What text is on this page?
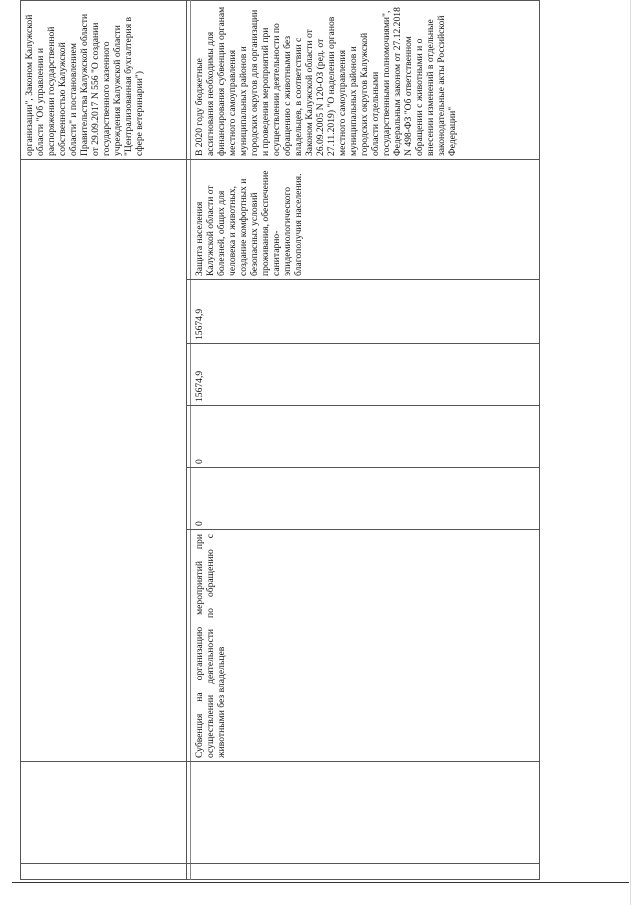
организации", Законом Калужской области "Об управлении и распоряжении государственной собственностью Калужской области" и постановлением Правительства Калужской области от 29.09.2017 N 556 "О создании государственного казенного учреждения Калужской области "Централизованная бухгалтерия в сфере ветеринарии")
Субвенция на организацию мероприятий при осуществлении деятельности по обращению с животными без владельцев
0
0
15674,9
15674,9
Защита населения Калужской области от болезней, общих для человека и животных, создание комфортных и безопасных условий проживания, обеспечение санитарно-эпидемиологического благополучия населения.
В 2020 году бюджетные ассигнования необходимы для финансирования субвенции органам местного самоуправления муниципальных районов и городских округов для организации и проведения мероприятий при осуществлении деятельности по обращению с животными без владельцев, в соответствии с Законом Калужской области от 26.09.2005 N 120-ОЗ (ред. от 27.11.2019) "О наделении органов местного самоуправления муниципальных районов и городских округов Калужской области отдельными государственными полномочиями", Федеральным законом от 27.12.2018 N 498-ФЗ "Об ответственном обращении с животными и о внесении изменений в отдельные законодательные акты Российской Федерации"
